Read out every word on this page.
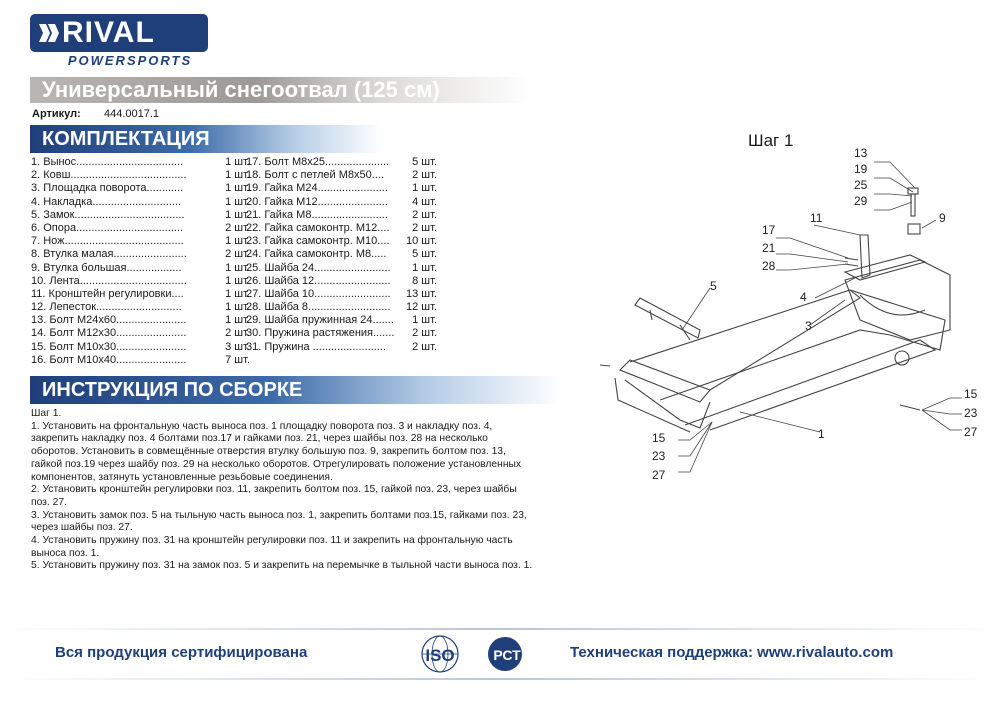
RIVAL
POWERSPORTS
Универсальный снегоотвал (125 см)
Артикул: 444.0017.1
КОМПЛЕКТАЦИЯ
1. Вынос...................................	1 шт.
2. Ковш......................................	1 шт.
3. Площадка поворота............	1 шт.
4. Накладка.............................	1 шт.
5. Замок....................................	1 шт.
6. Опора...................................	2 шт.
7. Нож.......................................	1 шт.
8. Втулка малая........................	2 шт.
9. Втулка большая..................	1 шт.
10. Лента...................................	1 шт.
11. Кронштейн регулировки....	1 шт.
12. Лепесток............................	1 шт.
13. Болт M24x60.......................	1 шт.
14. Болт M12x30.......................	2 шт.
15. Болт M10x30.......................	3 шт.
16. Болт M10x40.......................	7 шт.
17. Болт M8x25.....................	5 шт.
18. Болт с петлей M8x50....	2 шт.
19. Гайка M24.......................	1 шт.
20. Гайка M12.......................	4 шт.
21. Гайка M8.........................	2 шт.
22. Гайка самоконтр. M12....	2 шт.
23. Гайка самоконтр. M10....	10 шт.
24. Гайка самоконтр. M8.....	5 шт.
25. Шайба 24.........................	1 шт.
26. Шайба 12.........................	8 шт.
27. Шайба 10.........................	13 шт.
28. Шайба 8...........................	12 шт.
29. Шайба пружинная 24.......	1 шт.
30. Пружина растяжения.......	2 шт.
31. Пружина ........................	2 шт.
ИНСТРУКЦИЯ ПО СБОРКЕ

Шаг 1.

1. Установить на фронтальную часть выноса поз. 1 площадку поворота поз. 3 и накладку поз. 4, закрепить накладку поз. 4 болтами поз.17 и гайками поз. 21, через шайбы поз. 28 на несколько оборотов. Установить в совмещённые отверстия втулку большую поз. 9, закрепить болтом поз. 13, гайкой поз.19 через шайбу поз. 29 на несколько оборотов. Отрегулировать положение установленных компонентов, затянуть установленные резьбовые соединения.

2. Установить кронштейн регулировки поз. 11, закрепить болтом поз. 15, гайкой поз. 23, через шайбы поз. 27.

3. Установить замок поз. 5 на тыльную часть выноса поз. 1, закрепить болтами поз.15, гайками поз. 23, через шайбы поз. 27.

4. Установить пружину поз. 31 на кронштейн регулировки поз. 11 и закрепить на фронтальную часть выноса поз. 1.

5. Установить пружину поз. 31 на замок поз. 5 и закрепить на перемычке в тыльной части выноса поз. 1.

Шаг 1
13
19
25
29
9
11
17
21
28
5
4
3
15
23
27
1
15
23
27
Вся продукция сертифицирована	ISO	РСТ	Техническая поддержка: www.rivalauto.com
